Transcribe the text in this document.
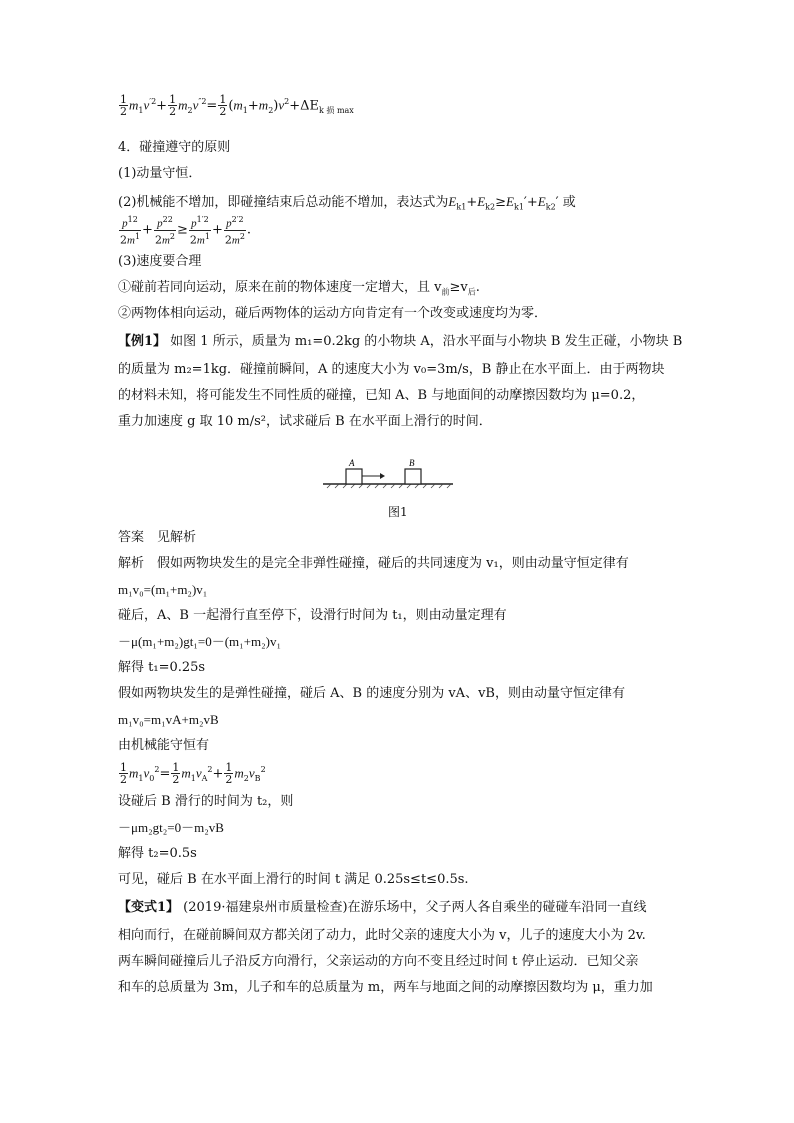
$\frac{1}{2} m_1v^{'2}+ \frac{1}{2} m_2v^{''2}= \frac{1}{2} (m_1+m_2)v^2+\Delta E_{k 损 max}$
4．碰撞遵守的原则
(1)动量守恒．
(2)机械能不增加，即碰撞结束后总动能不增加，表达式为$E_{k1}+E_{k2}\ge E_{k1}'+E_{k2}'$ 或
$\frac{p^{12}}{2m^1} + \frac{p^{22}}{2m^2} \ge \frac{p^{1'2}}{2m^1} + \frac{p^{2'2}}{2m^2}$ .
(3)速度要合理
①碰前若同向运动，原来在前的物体速度一定增大，且 $v_前\ge v_后$.
②两物体相向运动，碰后两物体的运动方向肯定有一个改变或速度均为零．
【例1】 如图 1 所示，质量为 m₁=0.2kg 的小物块 A，沿水平面与小物块 B 发生正碰，小物块 B
的质量为 m₂=1kg．碰撞前瞬间，A 的速度大小为 v₀=3m/s，B 静止在水平面上．由于两物块
的材料未知，将可能发生不同性质的碰撞，已知 A、B 与地面间的动摩擦因数均为 μ=0.2，
重力加速度 g 取 10 m/s²，试求碰后 B 在水平面上滑行的时间．
A	B
图1
答案　见解析
解析　假如两物块发生的是完全非弹性碰撞，碰后的共同速度为 v₁，则由动量守恒定律有
m₁v₀=(m₁+m₂)v₁
碰后，A、B 一起滑行直至停下，设滑行时间为 t₁，则由动量定理有
－μ(m₁+m₂)gt₁=0－(m₁+m₂)v₁
解得 t₁=0.25s
假如两物块发生的是弹性碰撞，碰后 A、B 的速度分别为 vA、vB，则由动量守恒定律有
m₁v₀=m₁vA+m₂vB
由机械能守恒有
$\frac{1}{2} m_1v_0^2= \frac{1}{2} m_1v_A^2+ \frac{1}{2} m_2v_B^2$
设碰后 B 滑行的时间为 t₂，则
－μm₂gt₂=0－m₂vB
解得 t₂=0.5s
可见，碰后 B 在水平面上滑行的时间 t 满足 0.25s≤t≤0.5s.
【变式1】 (2019·福建泉州市质量检查)在游乐场中，父子两人各自乘坐的碰碰车沿同一直线
相向而行，在碰前瞬间双方都关闭了动力，此时父亲的速度大小为 v，儿子的速度大小为 2v.
两车瞬间碰撞后儿子沿反方向滑行，父亲运动的方向不变且经过时间 t 停止运动．已知父亲
和车的总质量为 3m，儿子和车的总质量为 m，两车与地面之间的动摩擦因数均为 μ，重力加
